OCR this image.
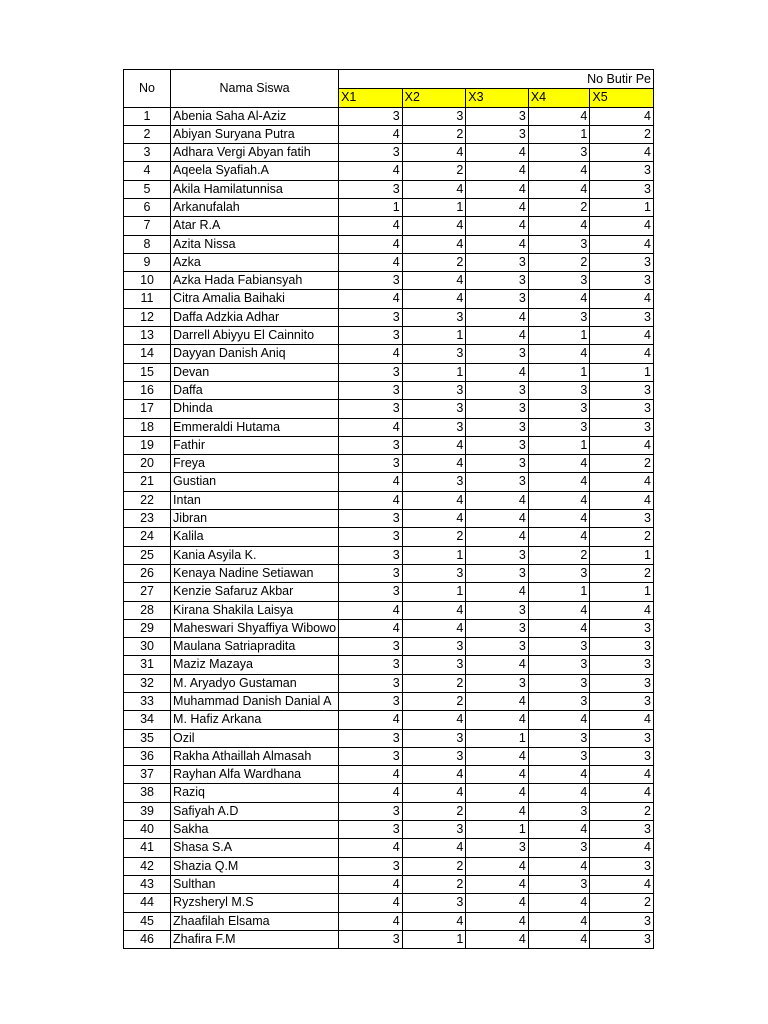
No	Nama Siswa	No Butir Pe				

		X1	X2	X3	X4	X5
1	Abenia Saha Al-Aziz	3	3	3	4	4
2	Abiyan Suryana Putra	4	2	3	1	2
3	Adhara Vergi Abyan fatih	3	4	4	3	4
4	Aqeela Syafiah.A	4	2	4	4	3
5	Akila Hamilatunnisa	3	4	4	4	3
6	Arkanufalah	1	1	4	2	1
7	Atar R.A	4	4	4	4	4
8	Azita Nissa	4	4	4	3	4
9	Azka	4	2	3	2	3
10	Azka Hada Fabiansyah	3	4	3	3	3
11	Citra Amalia Baihaki	4	4	3	4	4
12	Daffa Adzkia Adhar	3	3	4	3	3
13	Darrell Abiyyu El Cainnito	3	1	4	1	4
14	Dayyan Danish Aniq	4	3	3	4	4
15	Devan	3	1	4	1	1
16	Daffa	3	3	3	3	3
17	Dhinda	3	3	3	3	3
18	Emmeraldi Hutama	4	3	3	3	3
19	Fathir	3	4	3	1	4
20	Freya	3	4	3	4	2
21	Gustian	4	3	3	4	4
22	Intan	4	4	4	4	4
23	Jibran	3	4	4	4	3
24	Kalila	3	2	4	4	2
25	Kania Asyila K.	3	1	3	2	1
26	Kenaya Nadine Setiawan	3	3	3	3	2
27	Kenzie Safaruz Akbar	3	1	4	1	1
28	Kirana Shakila Laisya	4	4	3	4	4
29	Maheswari Shyaffiya Wibowo	4	4	3	4	3
30	Maulana Satriapradita	3	3	3	3	3
31	Maziz Mazaya	3	3	4	3	3
32	M. Aryadyo Gustaman	3	2	3	3	3
33	Muhammad Danish Danial A	3	2	4	3	3
34	M. Hafiz Arkana	4	4	4	4	4
35	Ozil	3	3	1	3	3
36	Rakha Athaillah Almasah	3	3	4	3	3
37	Rayhan Alfa Wardhana	4	4	4	4	4
38	Raziq	4	4	4	4	4
39	Safiyah A.D	3	2	4	3	2
40	Sakha	3	3	1	4	3
41	Shasa S.A	4	4	3	3	4
42	Shazia Q.M	3	2	4	4	3
43	Sulthan	4	2	4	3	4
44	Ryzsheryl M.S	4	3	4	4	2
45	Zhaafilah Elsama	4	4	4	4	3
46	Zhafira F.M	3	1	4	4	3
